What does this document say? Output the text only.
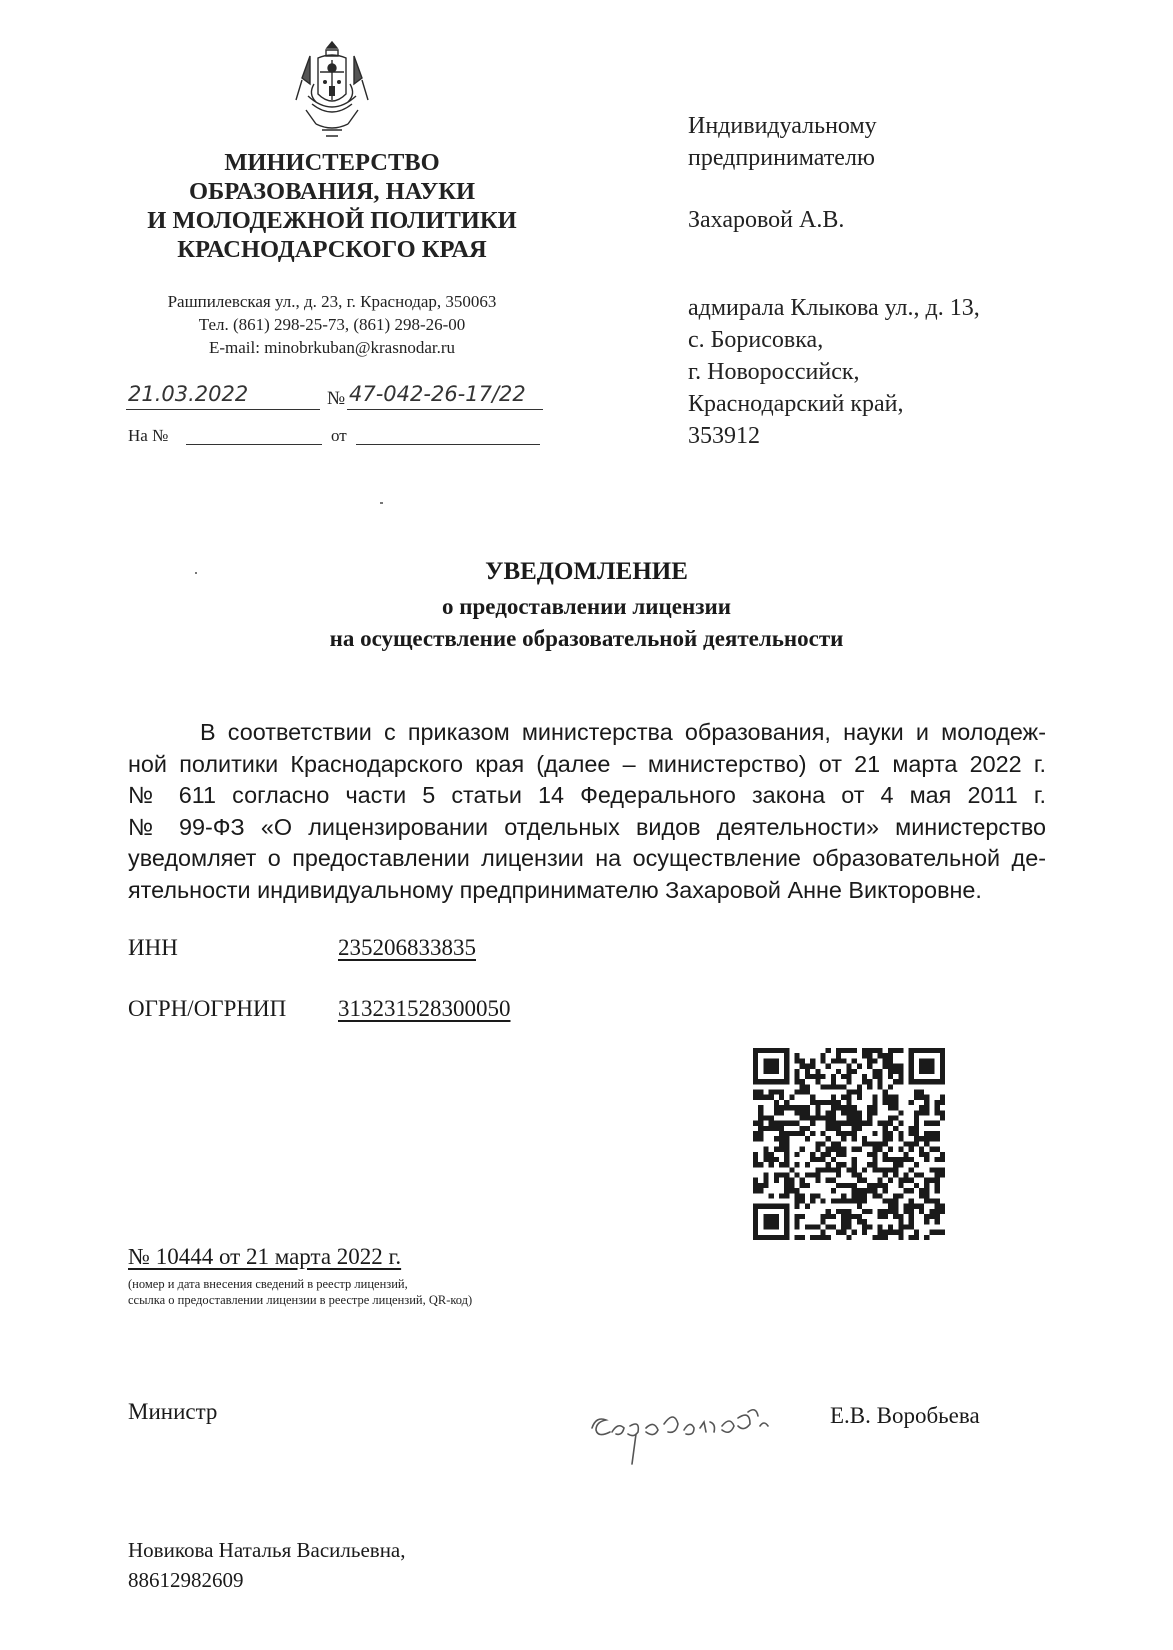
МИНИСТЕРСТВО
ОБРАЗОВАНИЯ, НАУКИ
И МОЛОДЕЖНОЙ ПОЛИТИКИ
КРАСНОДАРСКОГО КРАЯ
Рашпилевская ул., д. 23, г. Краснодар, 350063
Тел. (861) 298-25-73, (861) 298-26-00
E-mail: minobrkuban@krasnodar.ru
21.03.2022	№ 47-042-26-17/22
На №	от
Индивидуальному
предпринимателю
Захаровой А.В.
адмирала Клыкова ул., д. 13,
с. Борисовка,
г. Новороссийск,
Краснодарский край,
353912
УВЕДОМЛЕНИЕ
о предоставлении лицензии
на осуществление образовательной деятельности
В соответствии с приказом министерства образования, науки и молодеж-
ной политики Краснодарского края (далее – министерство) от 21 марта 2022 г.
№ 611 согласно части 5 статьи 14 Федерального закона от 4 мая 2011 г.
№ 99-ФЗ «О лицензировании отдельных видов деятельности» министерство
уведомляет о предоставлении лицензии на осуществление образовательной де-
ятельности индивидуальному предпринимателю Захаровой Анне Викторовне.
ИНН	235206833835
ОГРН/ОГРНИП 313231528300050
№ 10444 от 21 марта 2022 г.
(номер и дата внесения сведений в реестр лицензий,
ссылка о предоставлении лицензии в реестре лицензий, QR-код)
Министр	Е.В. Воробьева
Новикова Наталья Васильевна,
88612982609
